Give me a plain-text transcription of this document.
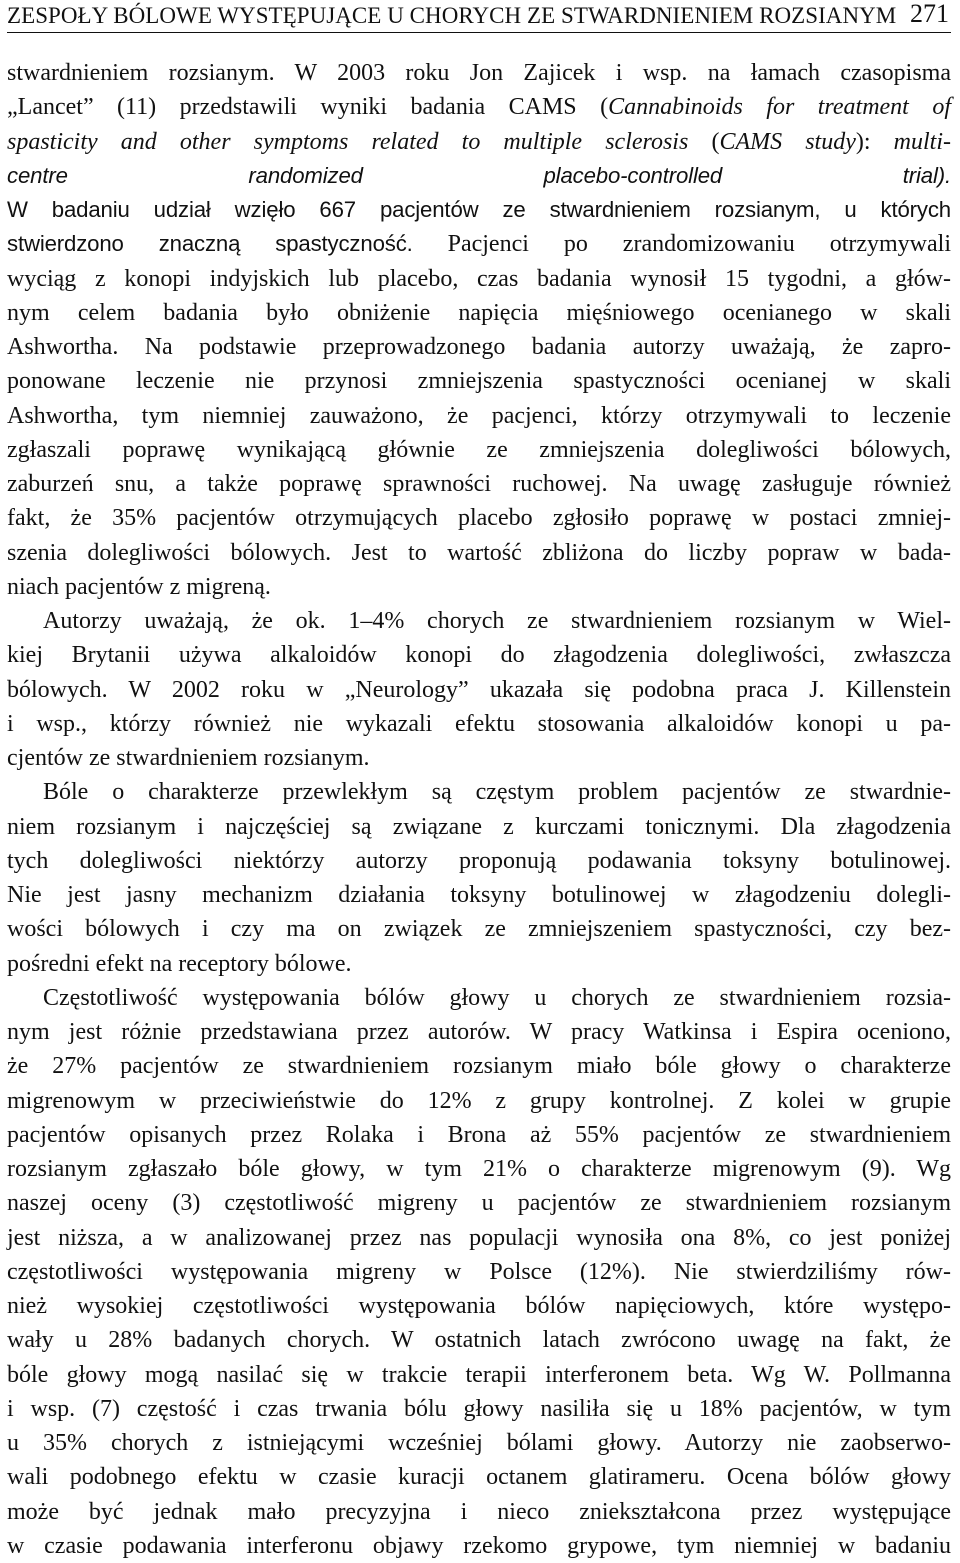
ZESPOŁY BÓLOWE WYSTĘPUJĄCE U CHORYCH ZE STWARDNIENIEM ROZSIANYM 271
stwardnieniem rozsianym. W 2003 roku Jon Zajicek i wsp. na łamach czasopisma
„Lancet” (11) przedstawili wyniki badania CAMS (Cannabinoids for treatment of
spasticity and other symptoms related to multiple sclerosis (CAMS study): multi-
centre randomized placebo-controlled trial).
W badaniu udział wzięło 667 pacjentów ze stwardnieniem rozsianym, u których
stwierdzono znaczną spastyczność. Pacjenci po zrandomizowaniu otrzymywali
wyciąg z konopi indyjskich lub placebo, czas badania wynosił 15 tygodni, a głów-
nym celem badania było obniżenie napięcia mięśniowego ocenianego w skali
Ashwortha. Na podstawie przeprowadzonego badania autorzy uważają, że zapro-
ponowane leczenie nie przynosi zmniejszenia spastyczności ocenianej w skali
Ashwortha, tym niemniej zauważono, że pacjenci, którzy otrzymywali to leczenie
zgłaszali poprawę wynikającą głównie ze zmniejszenia dolegliwości bólowych,
zaburzeń snu, a także poprawę sprawności ruchowej. Na uwagę zasługuje również
fakt, że 35% pacjentów otrzymujących placebo zgłosiło poprawę w postaci zmniej-
szenia dolegliwości bólowych. Jest to wartość zbliżona do liczby popraw w bada-
niach pacjentów z migreną.
Autorzy uważają, że ok. 1–4% chorych ze stwardnieniem rozsianym w Wiel-
kiej Brytanii używa alkaloidów konopi do złagodzenia dolegliwości, zwłaszcza
bólowych. W 2002 roku w „Neurology” ukazała się podobna praca J. Killenstein
i wsp., którzy również nie wykazali efektu stosowania alkaloidów konopi u pa-
cjentów ze stwardnieniem rozsianym.
Bóle o charakterze przewlekłym są częstym problem pacjentów ze stwardnie-
niem rozsianym i najczęściej są związane z kurczami tonicznymi. Dla złagodzenia
tych dolegliwości niektórzy autorzy proponują podawania toksyny botulinowej.
Nie jest jasny mechanizm działania toksyny botulinowej w złagodzeniu dolegli-
wości bólowych i czy ma on związek ze zmniejszeniem spastyczności, czy bez-
pośredni efekt na receptory bólowe.
Częstotliwość występowania bólów głowy u chorych ze stwardnieniem rozsia-
nym jest różnie przedstawiana przez autorów. W pracy Watkinsa i Espira oceniono,
że 27% pacjentów ze stwardnieniem rozsianym miało bóle głowy o charakterze
migrenowym w przeciwieństwie do 12% z grupy kontrolnej. Z kolei w grupie
pacjentów opisanych przez Rolaka i Brona aż 55% pacjentów ze stwardnieniem
rozsianym zgłaszało bóle głowy, w tym 21% o charakterze migrenowym (9). Wg
naszej oceny (3) częstotliwość migreny u pacjentów ze stwardnieniem rozsianym
jest niższa, a w analizowanej przez nas populacji wynosiła ona 8%, co jest poniżej
częstotliwości występowania migreny w Polsce (12%). Nie stwierdziliśmy rów-
nież wysokiej częstotliwości występowania bólów napięciowych, które występo-
wały u 28% badanych chorych. W ostatnich latach zwrócono uwagę na fakt, że
bóle głowy mogą nasilać się w trakcie terapii interferonem beta. Wg W. Pollmanna
i wsp. (7) częstość i czas trwania bólu głowy nasiliła się u 18% pacjentów, w tym
u 35% chorych z istniejącymi wcześniej bólami głowy. Autorzy nie zaobserwo-
wali podobnego efektu w czasie kuracji octanem glatirameru. Ocena bólów głowy
może być jednak mało precyzyjna i nieco zniekształcona przez występujące
w czasie podawania interferonu objawy rzekomo grypowe, tym niemniej w badaniu
